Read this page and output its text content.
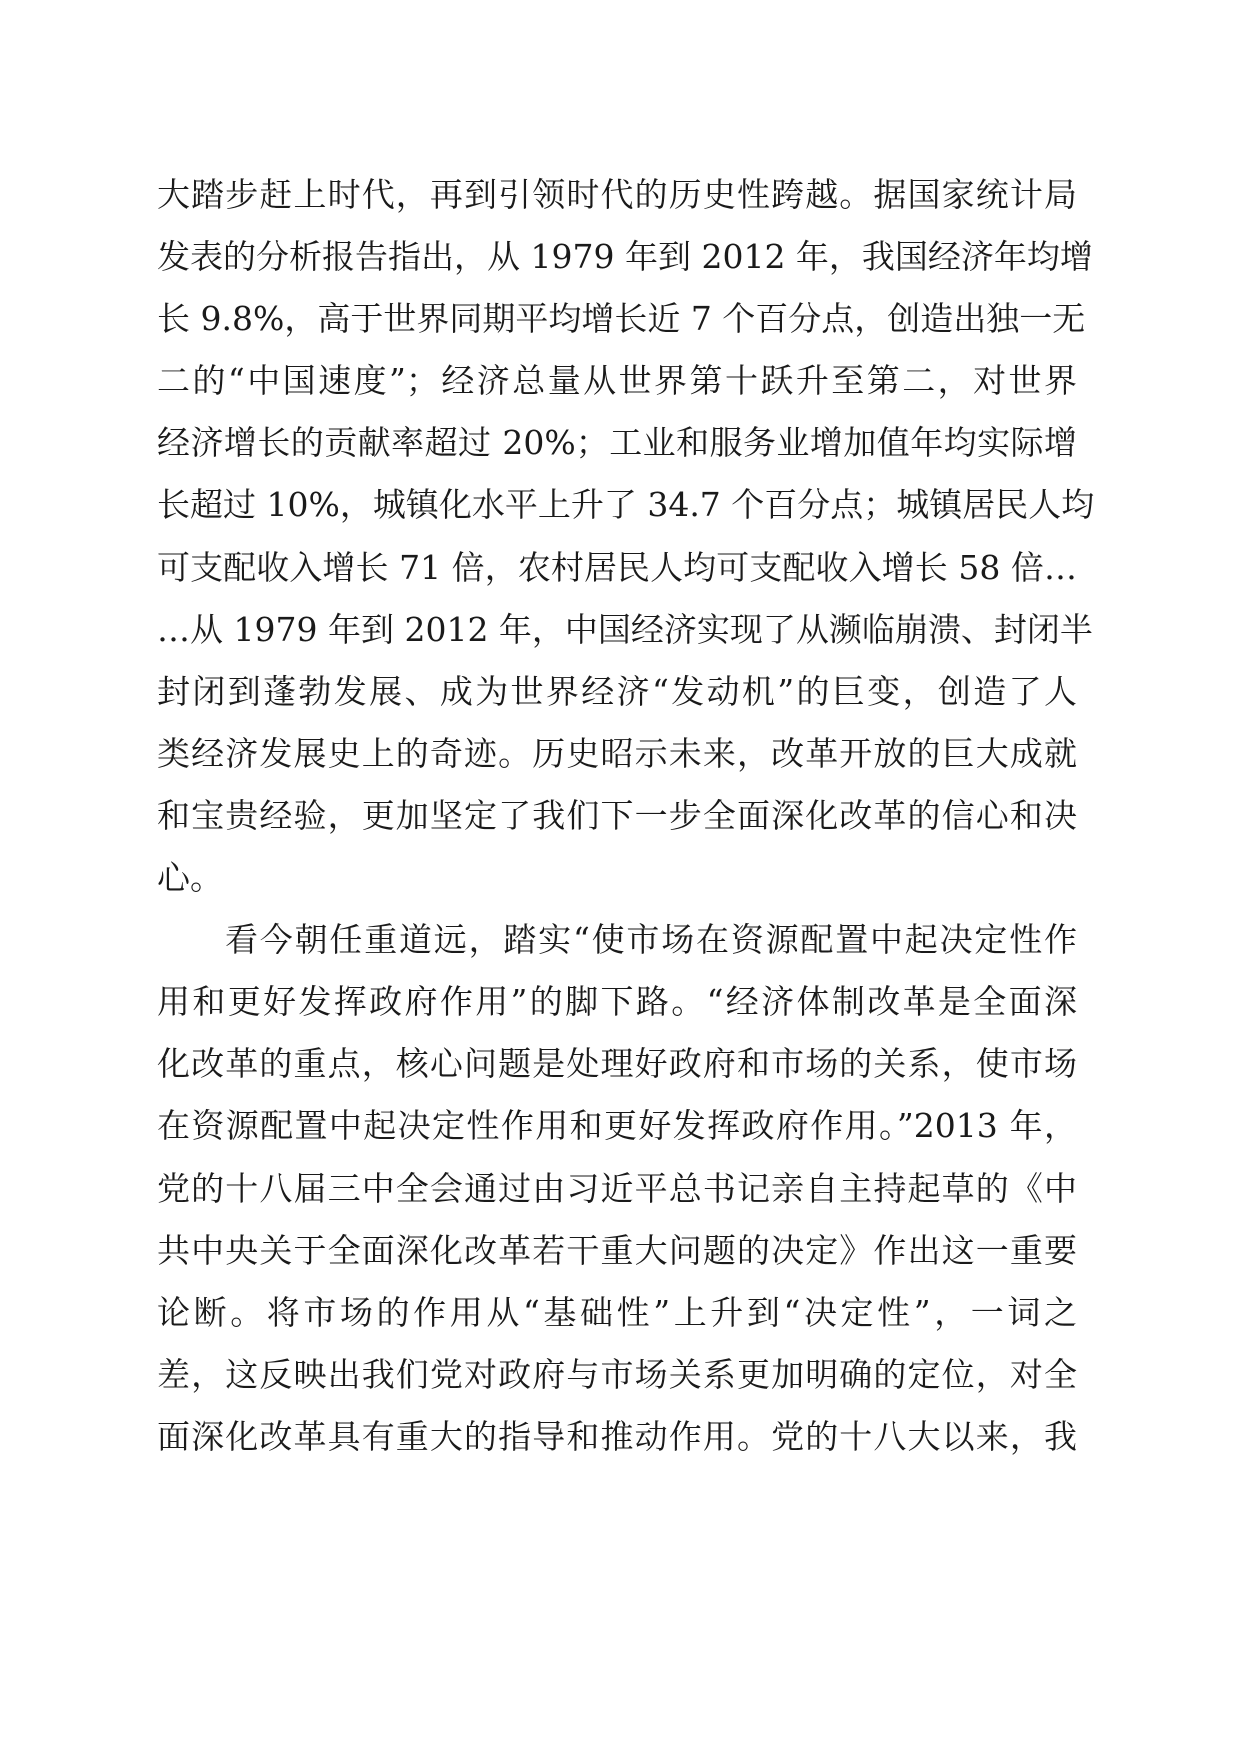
大踏步赶上时代，再到引领时代的历史性跨越。据国家统计局
发表的分析报告指出，从 1979 年到 2012 年，我国经济年均增
长 9.8%，高于世界同期平均增长近 7 个百分点，创造出独一无
二的“中国速度”；经济总量从世界第十跃升至第二，对世界
经济增长的贡献率超过 20%；工业和服务业增加值年均实际增
长超过 10%，城镇化水平上升了 34.7 个百分点；城镇居民人均
可支配收入增长 71 倍，农村居民人均可支配收入增长 58 倍…
…从 1979 年到 2012 年，中国经济实现了从濒临崩溃、封闭半
封闭到蓬勃发展、成为世界经济“发动机”的巨变，创造了人
类经济发展史上的奇迹。历史昭示未来，改革开放的巨大成就
和宝贵经验，更加坚定了我们下一步全面深化改革的信心和决
心。
看今朝任重道远，踏实“使市场在资源配置中起决定性作
用和更好发挥政府作用”的脚下路。“经济体制改革是全面深
化改革的重点，核心问题是处理好政府和市场的关系，使市场
在资源配置中起决定性作用和更好发挥政府作用。”2013 年，
党的十八届三中全会通过由习近平总书记亲自主持起草的《中
共中央关于全面深化改革若干重大问题的决定》作出这一重要
论断。将市场的作用从“基础性”上升到“决定性”，一词之
差，这反映出我们党对政府与市场关系更加明确的定位，对全
面深化改革具有重大的指导和推动作用。党的十八大以来，我
